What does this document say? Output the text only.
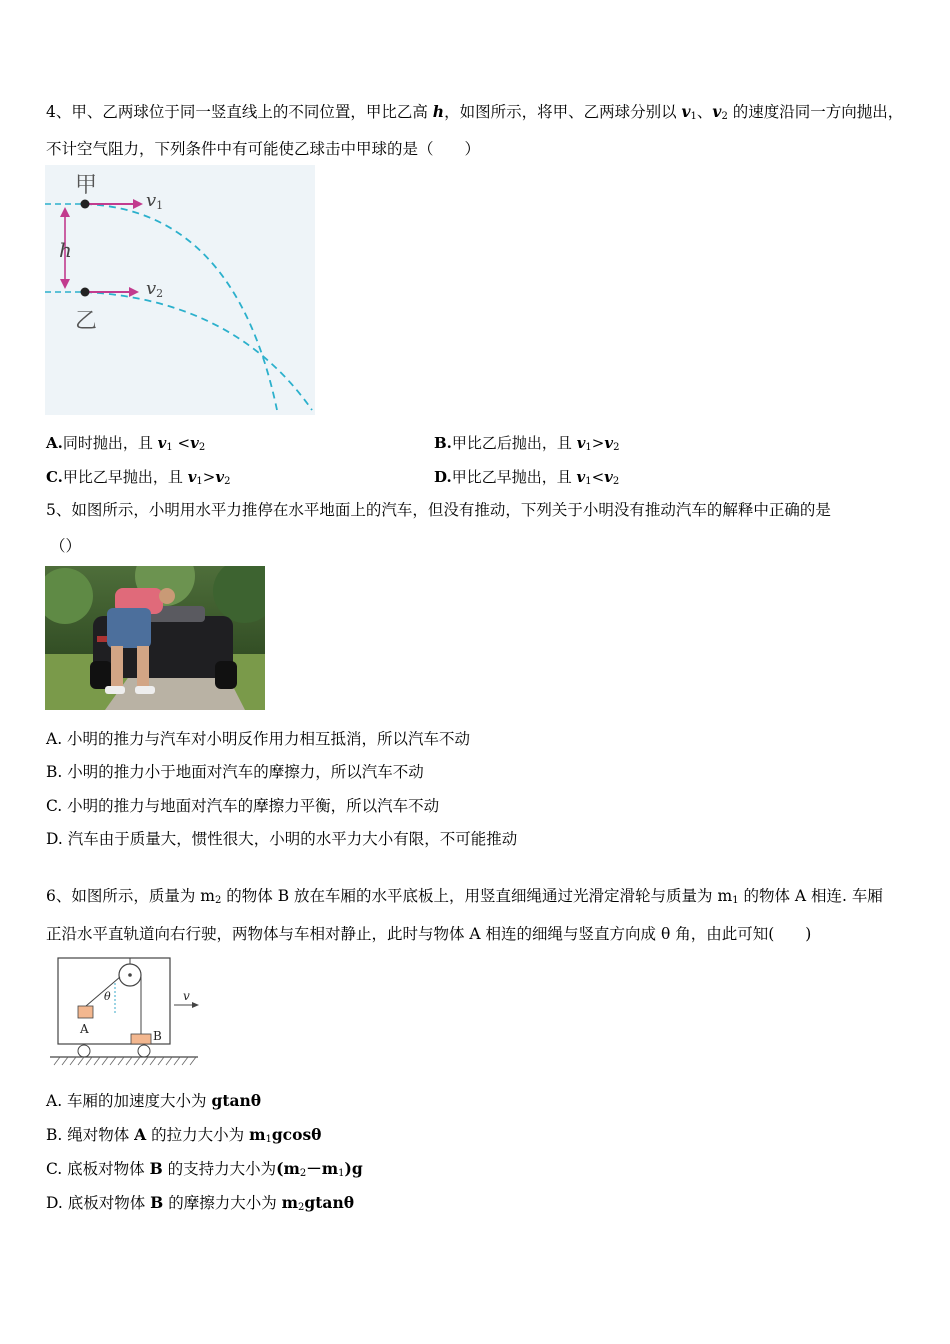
4、甲、乙两球位于同一竖直线上的不同位置，甲比乙高 h，如图所示，将甲、乙两球分别以 $v_1$、$v_2$ 的速度沿同一方向抛出，
不计空气阻力，下列条件中有可能使乙球击中甲球的是（　　）
甲
乙
h
v1
v2
A.同时抛出，且 $v_1 <v_2$	B.甲比乙后抛出，且 $v_1>v_2$
C.甲比乙早抛出，且 $v_1>v_2$	D.甲比乙早抛出，且 $v_1<v_2$
5、如图所示，小明用水平力推停在水平地面上的汽车，但没有推动，下列关于小明没有推动汽车的解释中正确的是
（）
A. 小明的推力与汽车对小明反作用力相互抵消，所以汽车不动
B. 小明的推力小于地面对汽车的摩擦力，所以汽车不动
C. 小明的推力与地面对汽车的摩擦力平衡，所以汽车不动
D. 汽车由于质量大，惯性很大，小明的水平力大小有限，不可能推动
6、如图所示，质量为 $m_2$ 的物体 B 放在车厢的水平底板上，用竖直细绳通过光滑定滑轮与质量为 $m_1$ 的物体 A 相连. 车厢
正沿水平直轨道向右行驶，两物体与车相对静止，此时与物体 A 相连的细绳与竖直方向成 θ 角，由此可知(　　)
A	B
θ	v
A. 车厢的加速度大小为 gtanθ
B. 绳对物体 A 的拉力大小为 $m_1gcos\theta$
C. 底板对物体 B 的支持力大小为$(m_2-m_1)g$
D. 底板对物体 B 的摩擦力大小为 $m_2gtan\theta$
